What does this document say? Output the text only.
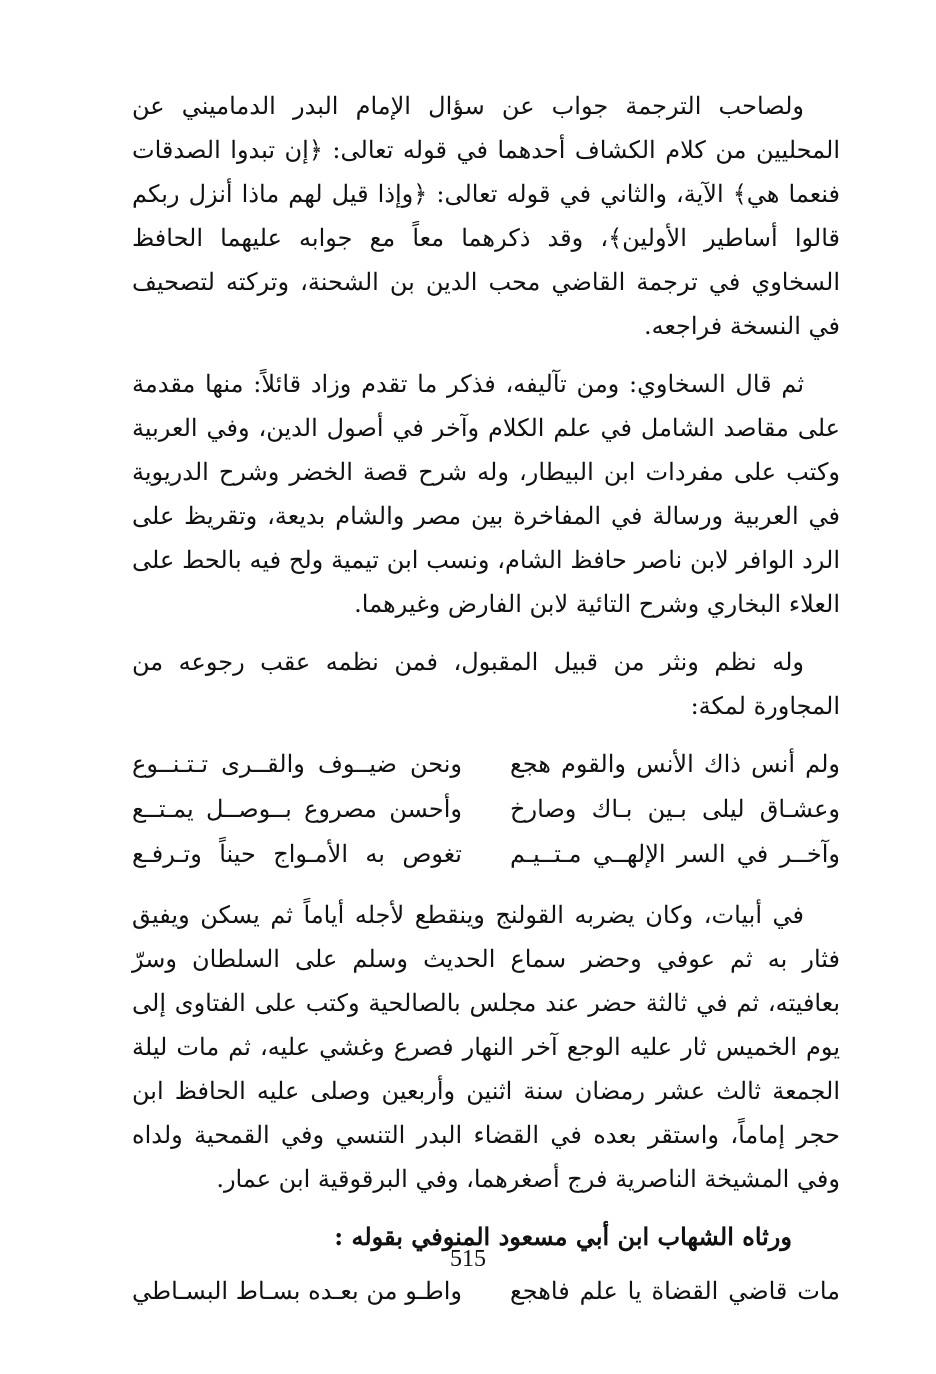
ولصاحب الترجمة جواب عن سؤال الإمام البدر الدماميني عن المحليين من كلام الكشاف أحدهما في قوله تعالى: ﴿إن تبدوا الصدقات فنعما هي﴾ الآية، والثاني في قوله تعالى: ﴿وإذا قيل لهم ماذا أنزل ربكم قالوا أساطير الأولين﴾، وقد ذكرهما معاً مع جوابه عليهما الحافظ السخاوي في ترجمة القاضي محب الدين بن الشحنة، وتركته لتصحيف في النسخة فراجعه.

ثم قال السخاوي: ومن تآليفه، فذكر ما تقدم وزاد قائلاً: منها مقدمة على مقاصد الشامل في علم الكلام وآخر في أصول الدين، وفي العربية وكتب على مفردات ابن البيطار، وله شرح قصة الخضر وشرح الدريوية في العربية ورسالة في المفاخرة بين مصر والشام بديعة، وتقريظ على الرد الوافر لابن ناصر حافظ الشام، ونسب ابن تيمية ولح فيه بالحط على العلاء البخاري وشرح التائية لابن الفارض وغيرهما.

وله نظم ونثر من قبيل المقبول، فمن نظمه عقب رجوعه من المجاورة لمكة:

ولم أنس ذاك الأنس والقوم هجع
ونحن ضيــوف والقــرى تـتـنــوع
وعشـاق ليلى بـين بـاك وصارخ
وأحسن مصروع بــوصــل يمـتــع
وآخــر في السر الإلهــي مـتــيـم
تغوص به الأمـواج حيناً وتـرفـع

في أبيات، وكان يضربه القولنج وينقطع لأجله أياماً ثم يسكن ويفيق فثار به ثم عوفي وحضر سماع الحديث وسلم على السلطان وسرّ بعافيته، ثم في ثالثة حضر عند مجلس بالصالحية وكتب على الفتاوى إلى يوم الخميس ثار عليه الوجع آخر النهار فصرع وغشي عليه، ثم مات ليلة الجمعة ثالث عشر رمضان سنة اثنين وأربعين وصلى عليه الحافظ ابن حجر إماماً، واستقر بعده في القضاء البدر التنسي وفي القمحية ولداه وفي المشيخة الناصرية فرج أصغرهما، وفي البرقوقية ابن عمار.

ورثاه الشهاب ابن أبي مسعود المنوفي بقوله :
مات قاضي القضاة يا علم فاهجع
واطـو من بعـده بسـاط البسـاطي
515
